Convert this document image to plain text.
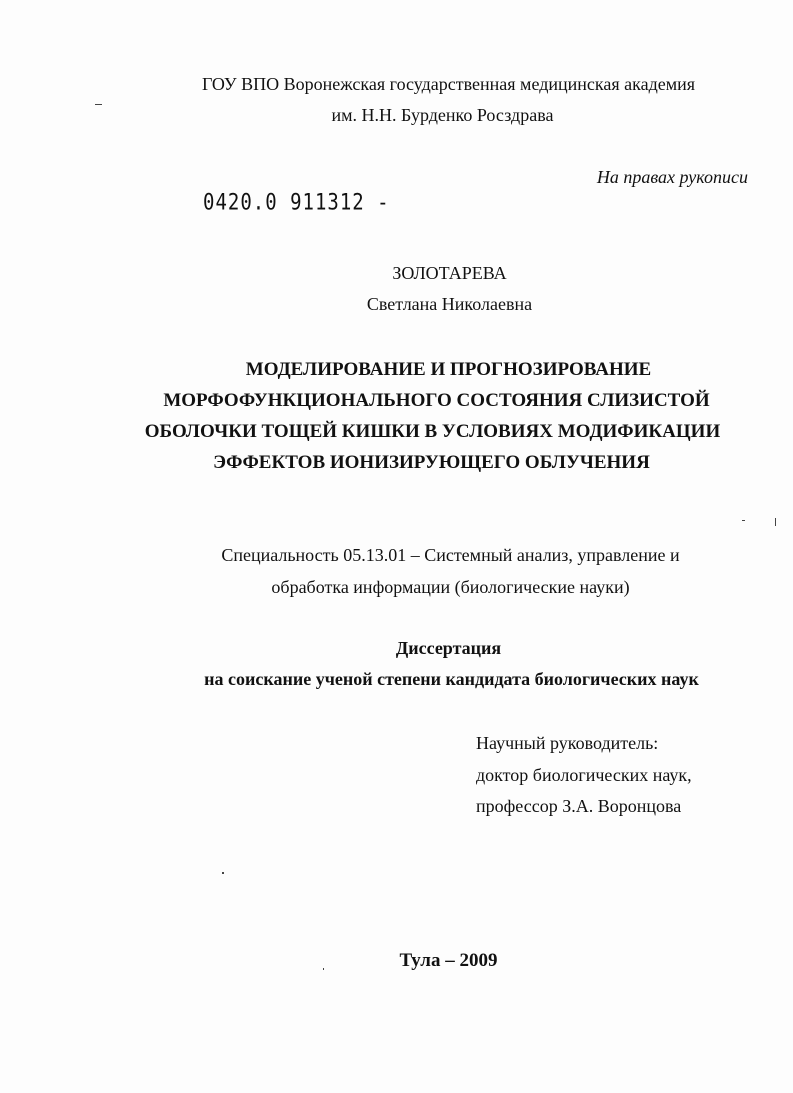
ГОУ ВПО Воронежская государственная медицинская академия
им. Н.Н. Бурденко Росздрава
На правах рукописи
0420.0 911312 -
ЗОЛОТАРЕВА
Светлана Николаевна
МОДЕЛИРОВАНИЕ И ПРОГНОЗИРОВАНИЕ
МОРФОФУНКЦИОНАЛЬНОГО СОСТОЯНИЯ СЛИЗИСТОЙ
ОБОЛОЧКИ ТОЩЕЙ КИШКИ В УСЛОВИЯХ МОДИФИКАЦИИ
ЭФФЕКТОВ ИОНИЗИРУЮЩЕГО ОБЛУЧЕНИЯ
Специальность 05.13.01 – Системный анализ, управление и
обработка информации (биологические науки)
Диссертация
на соискание ученой степени кандидата биологических наук
Научный руководитель:
доктор биологических наук,
профессор З.А. Воронцова
Тула – 2009
